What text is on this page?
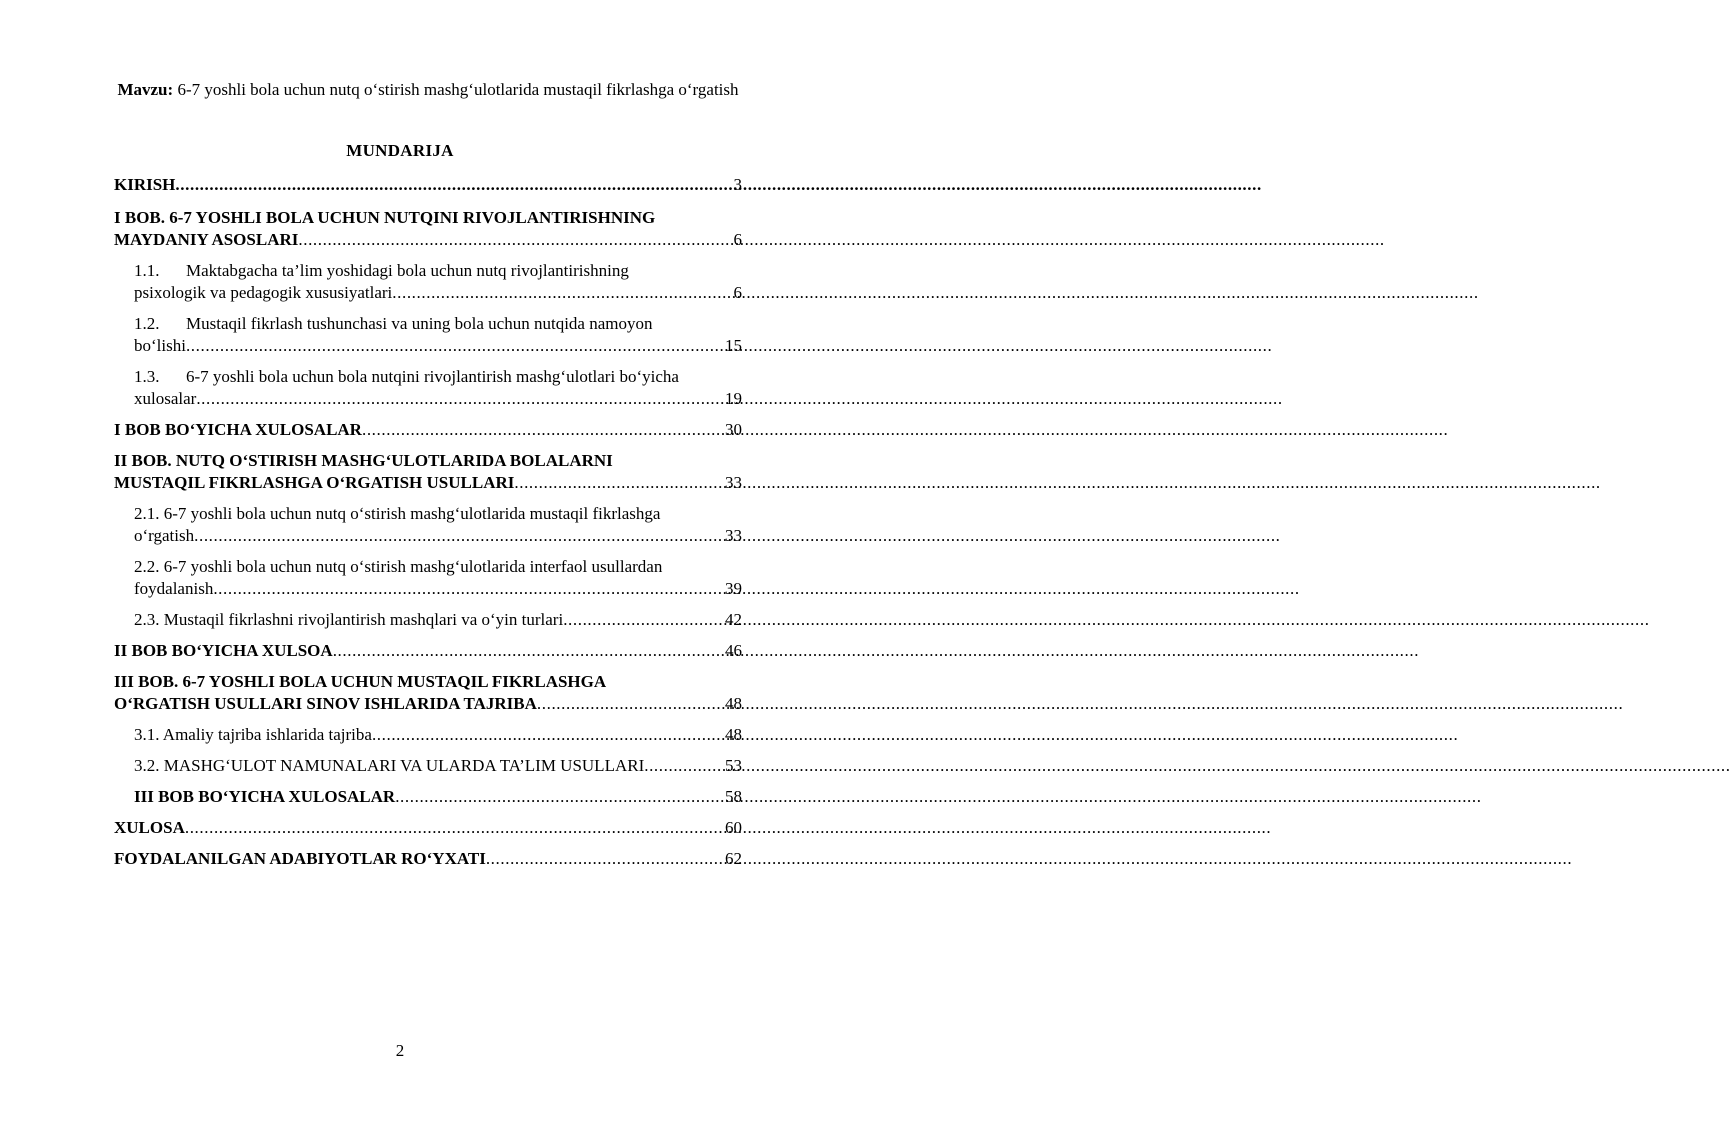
Mavzu: 6-7 yoshli bola uchun nutq o‘stirish mashg‘ulotlarida mustaqil fikrlashga o‘rgatish
MUNDARIJA
KIRISH .....	3
I BOB. 6-7 YOSHLI BOLA UCHUN NUTQINI RIVOJLANTIRISHNING
MAYDANIY ASOSLARI .....	6
1.1. Maktabgacha ta’lim yoshidagi bola uchun nutq rivojlantirishning
psixologik va pedagogik xususiyatlari .....	6
1.2. Mustaqil fikrlash tushunchasi va uning bola uchun nutqida namoyon
bo‘lishi .....	15
1.3. 6-7 yoshli bola uchun bola nutqini rivojlantirish mashg‘ulotlari bo‘yicha
xulosalar .....	19
I BOB BO‘YICHA XULOSALAR .....	30
II BOB. NUTQ O‘STIRISH MASHG‘ULOTLARIDA BOLALARNI
MUSTAQIL FIKRLASHGA O‘RGATISH USULLARI .....	33
2.1. 6-7 yoshli bola uchun nutq o‘stirish mashg‘ulotlarida mustaqil fikrlashga
o‘rgatish .....	33
2.2. 6-7 yoshli bola uchun nutq o‘stirish mashg‘ulotlarida interfaol usullardan
foydalanish .....	39
2.3. Mustaqil fikrlashni rivojlantirish mashqlari va o‘yin turlari .....	42
II BOB BO‘YICHA XULSOA .....	46
III BOB. 6-7 YOSHLI BOLA UCHUN MUSTAQIL FIKRLASHGA
O‘RGATISH USULLARI SINOV ISHLARIDA TAJRIBA .....	48
3.1. Amaliy tajriba ishlarida tajriba .....	48
3.2. MASHG‘ULOT NAMUNALARI VA ULARDA TA’LIM USULLARI .....	53
III BOB BO‘YICHA XULOSALAR .....	58
XULOSA .....	60
FOYDALANILGAN ADABIYOTLAR RO‘YXATI .....	62
2
